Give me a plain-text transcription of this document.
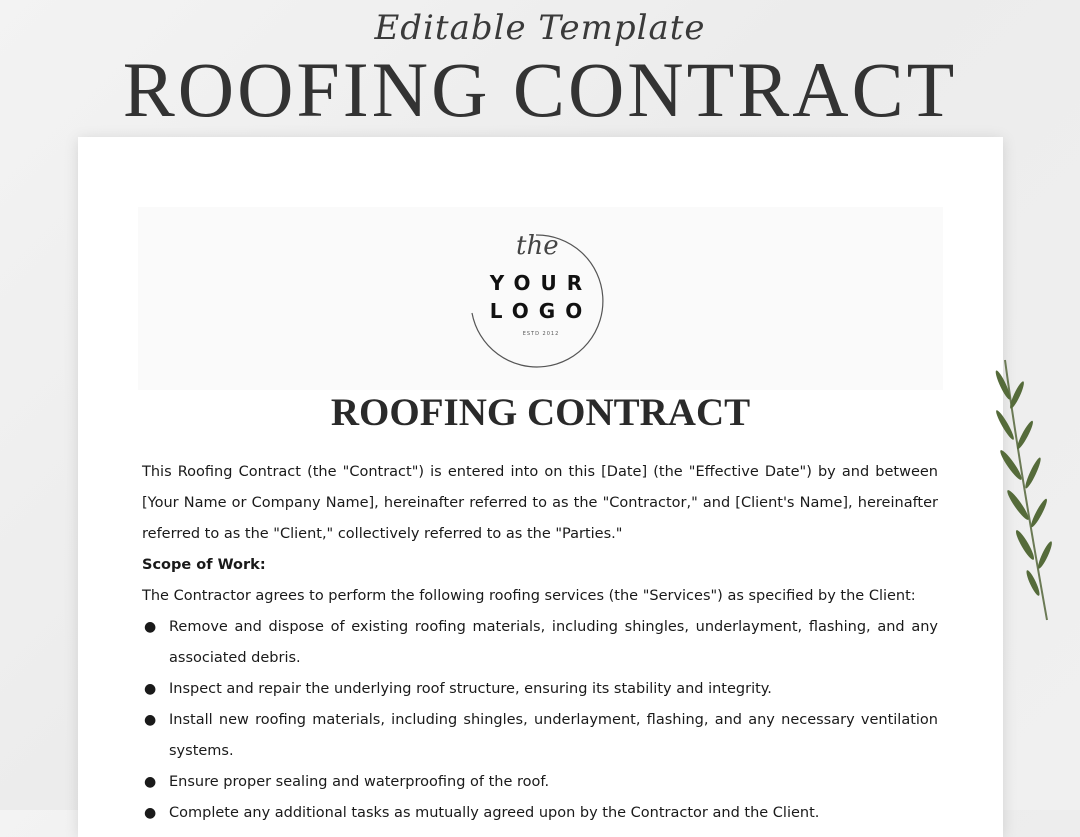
Editable Template
ROOFING CONTRACT
the
YOUR
LOGO
ESTD 2012
ROOFING CONTRACT

This Roofing Contract (the "Contract") is entered into on this [Date] (the "Effective Date") by and between [Your Name or Company Name], hereinafter referred to as the "Contractor," and [Client's Name], hereinafter referred to as the "Client," collectively referred to as the "Parties."

Scope of Work:

The Contractor agrees to perform the following roofing services (the "Services") as specified by the Client:

● Remove and dispose of existing roofing materials, including shingles, underlayment, flashing, and any associated debris.
● Inspect and repair the underlying roof structure, ensuring its stability and integrity.
● Install new roofing materials, including shingles, underlayment, flashing, and any necessary ventilation systems.
● Ensure proper sealing and waterproofing of the roof.
● Complete any additional tasks as mutually agreed upon by the Contractor and the Client.
